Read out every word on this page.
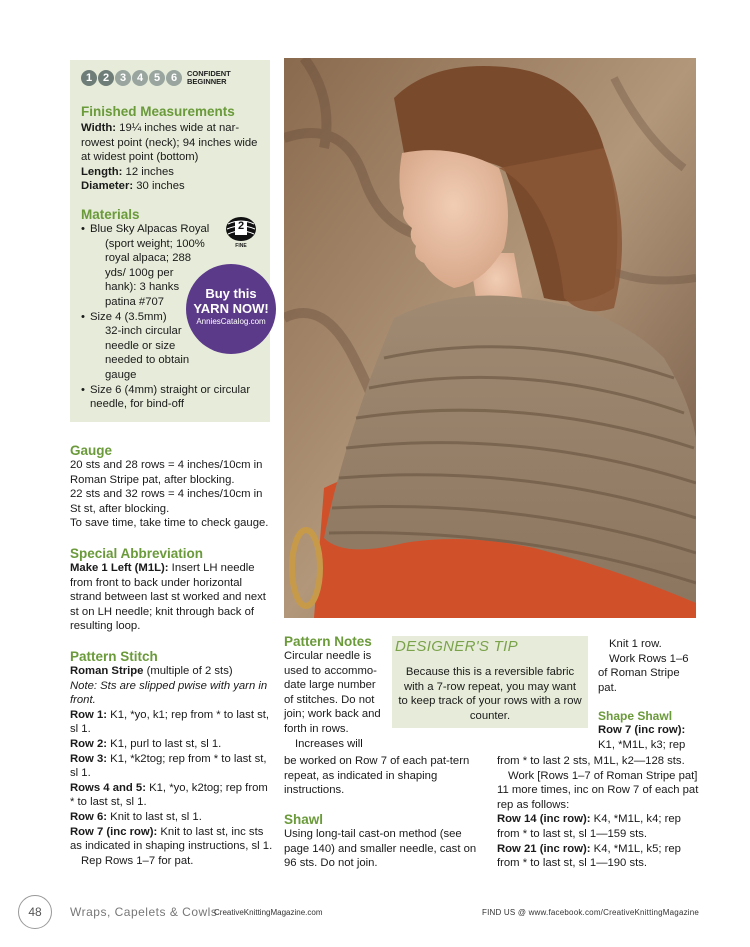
1 2 3 4 5 6	CONFIDENT
BEGINNER
Finished Measurements

Width: 19¼ inches wide at nar-rowest point (neck); 94 inches wide at widest point (bottom)

Length: 12 inches

Diameter: 30 inches

Materials
• Blue Sky Alpacas Royal
(sport weight; 100% royal alpaca; 288 yds/ 100g per hank): 3 hanks patina #707
• Size 4 (3.5mm)
32-inch circular needle or size needed to obtain gauge
• Size 6 (4mm) straight or circular needle, for bind-off
2
FINE
Buy this
YARN NOW!
AnniesCatalog.com
Gauge

20 sts and 28 rows = 4 inches/10cm in Roman Stripe pat, after blocking.

22 sts and 32 rows = 4 inches/10cm in St st, after blocking.

To save time, take time to check gauge.

Special Abbreviation

Make 1 Left (M1L): Insert LH needle from front to back under horizontal strand between last st worked and next st on LH needle; knit through back of resulting loop.

Pattern Stitch

Roman Stripe (multiple of 2 sts)

Note: Sts are slipped pwise with yarn in front.

Row 1: K1, *yo, k1; rep from * to last st, sl 1.

Row 2: K1, purl to last st, sl 1.

Row 3: K1, *k2tog; rep from * to last st, sl 1.

Rows 4 and 5: K1, *yo, k2tog; rep from * to last st, sl 1.

Row 6: Knit to last st, sl 1.

Row 7 (inc row): Knit to last st, inc sts as indicated in shaping instructions, sl 1.

Rep Rows 1–7 for pat.

Pattern Notes

Circular needle is used to accommo-date large number of stitches. Do not join; work back and forth in rows.

Increases will

be worked on Row 7 of each pat-tern repeat, as indicated in shaping instructions.

Shawl

Using long-tail cast-on method (see page 140) and smaller needle, cast on 96 sts. Do not join.

DESIGNER'S TIP
Because this is a reversible fabric with a 7-row repeat, you may want to keep track of your rows with a row counter.

Knit 1 row.

Work Rows 1–6 of Roman Stripe pat.

Shape Shawl

Row 7 (inc row):

K1, *M1L, k3; rep

from * to last 2 sts, M1L, k2—128 sts.

Work [Rows 1–7 of Roman Stripe pat] 11 more times, inc on Row 7 of each pat rep as follows:

Row 14 (inc row): K4, *M1L, k4; rep from * to last st, sl 1—159 sts.

Row 21 (inc row): K4, *M1L, k5; rep from * to last st, sl 1—190 sts.

48	Wraps, Capelets & Cowls
CreativeKnittingMagazine.com	FIND US @ www.facebook.com/CreativeKnittingMagazine
